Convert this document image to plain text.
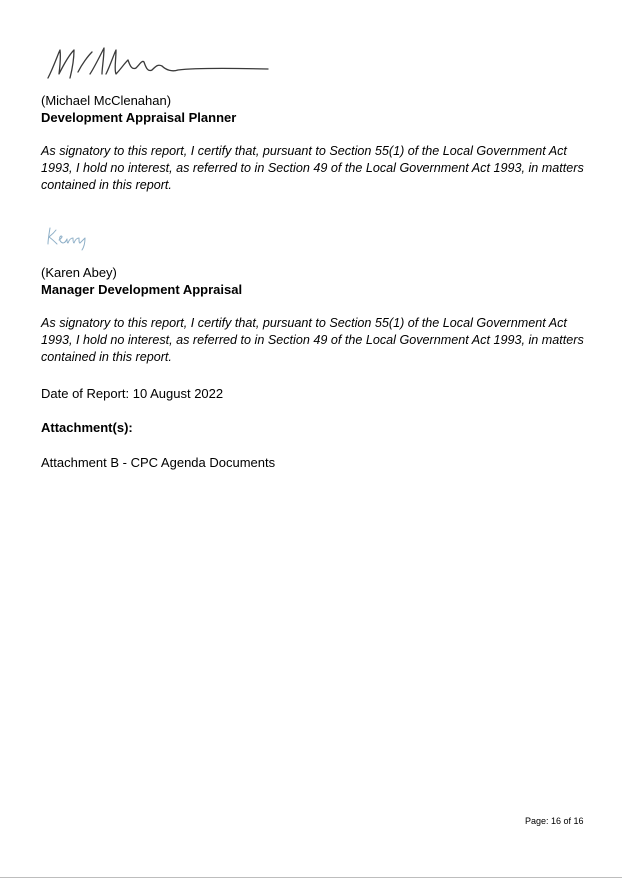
(Michael McClenahan)
Development Appraisal Planner
As signatory to this report, I certify that, pursuant to Section 55(1) of the Local Government Act 1993, I hold no interest, as referred to in Section 49 of the Local Government Act 1993, in matters contained in this report.
(Karen Abey)
Manager Development Appraisal
As signatory to this report, I certify that, pursuant to Section 55(1) of the Local Government Act 1993, I hold no interest, as referred to in Section 49 of the Local Government Act 1993, in matters contained in this report.
Date of Report: 10 August 2022
Attachment(s):
Attachment B - CPC Agenda Documents
Page: 16 of 16
